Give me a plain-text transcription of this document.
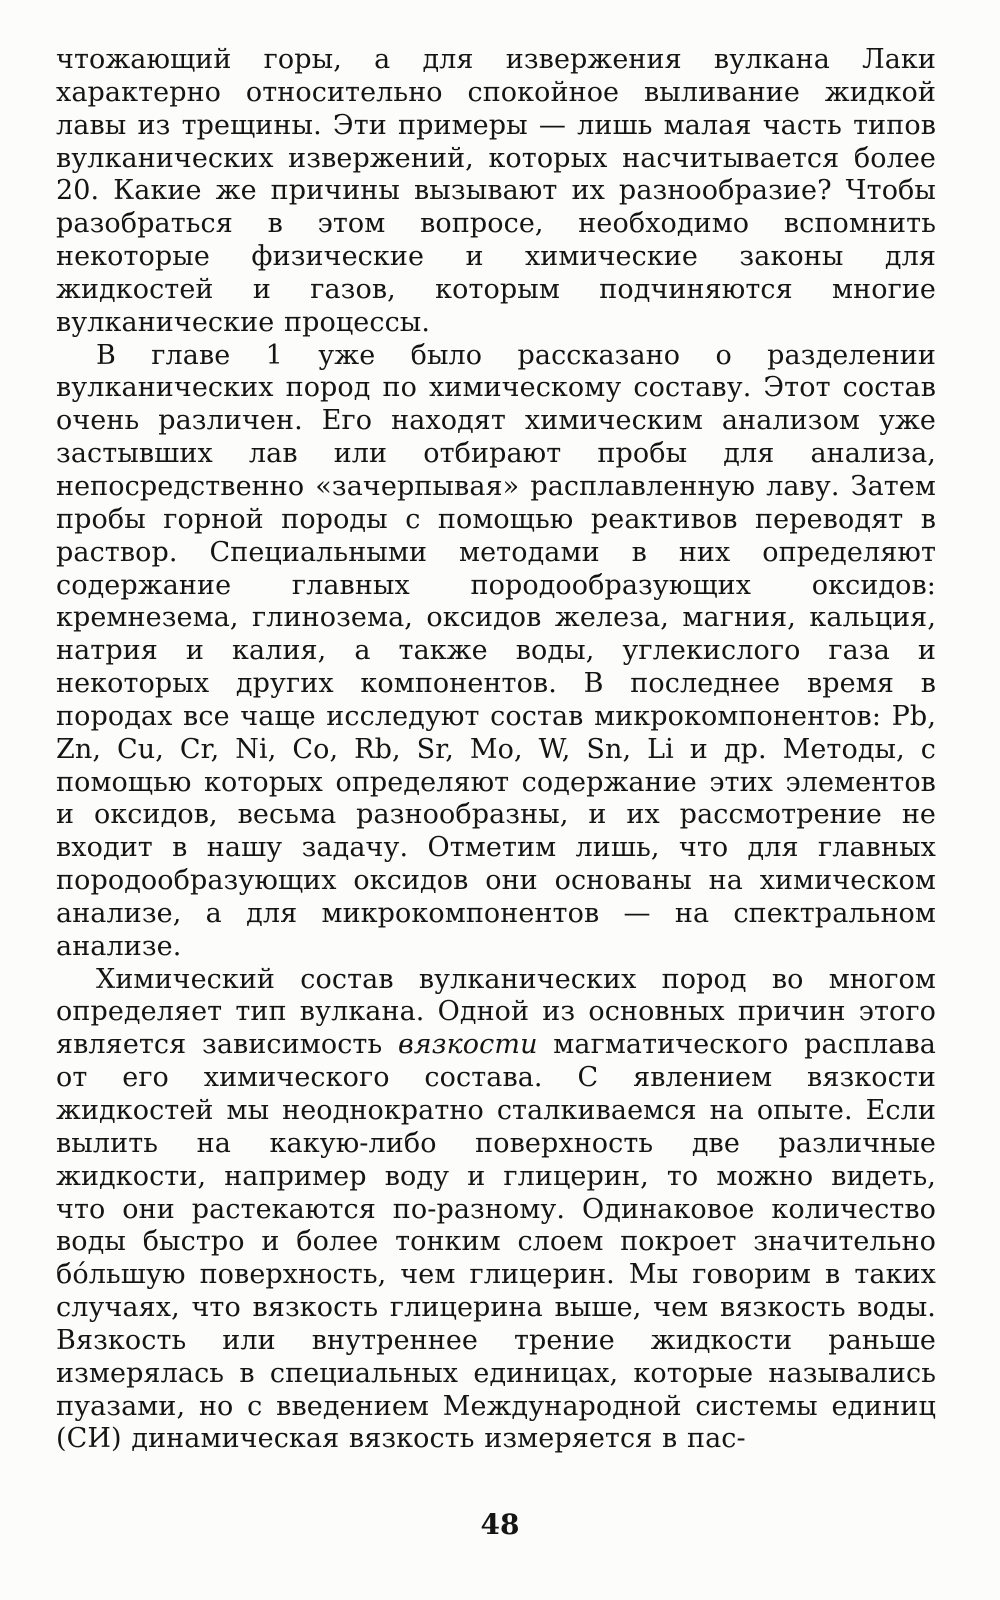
чтожающий горы, а для извержения вулкана Лаки характерно относительно спокойное выливание жидкой лавы из трещины. Эти примеры — лишь малая часть типов вулканических извержений, которых насчитывается более 20. Какие же причины вызывают их разнообразие? Чтобы разобраться в этом вопросе, необходимо вспомнить некоторые физические и химические законы для жидкостей и газов, которым подчиняются многие вулканические процессы.

В главе 1 уже было рассказано о разделении вулканических пород по химическому составу. Этот состав очень различен. Его находят химическим анализом уже застывших лав или отбирают пробы для анализа, непосредственно «зачерпывая» расплавленную лаву. Затем пробы горной породы с помощью реактивов переводят в раствор. Специальными методами в них определяют содержание главных породообразующих оксидов: кремнезема, глинозема, оксидов железа, магния, кальция, натрия и калия, а также воды, углекислого газа и некоторых других компонентов. В последнее время в породах все чаще исследуют состав микрокомпонентов: Pb, Zn, Cu, Cr, Ni, Co, Rb, Sr, Mo, W, Sn, Li и др. Методы, с помощью которых определяют содержание этих элементов и оксидов, весьма разнообразны, и их рассмотрение не входит в нашу задачу. Отметим лишь, что для главных породообразующих оксидов они основаны на химическом анализе, а для микрокомпонентов — на спектральном анализе.

Химический состав вулканических пород во многом определяет тип вулкана. Одной из основных причин этого является зависимость вязкости магматического расплава от его химического состава. С явлением вязкости жидкостей мы неоднократно сталкиваемся на опыте. Если вылить на какую-либо поверхность две различные жидкости, например воду и глицерин, то можно видеть, что они растекаются по-разному. Одинаковое количество воды быстро и более тонким слоем покроет значительно бóльшую поверхность, чем глицерин. Мы говорим в таких случаях, что вязкость глицерина выше, чем вязкость воды. Вязкость или внутреннее трение жидкости раньше измерялась в специальных единицах, которые назывались пуазами, но с введением Международной системы единиц (СИ) динамическая вязкость измеряется в пас-

48
